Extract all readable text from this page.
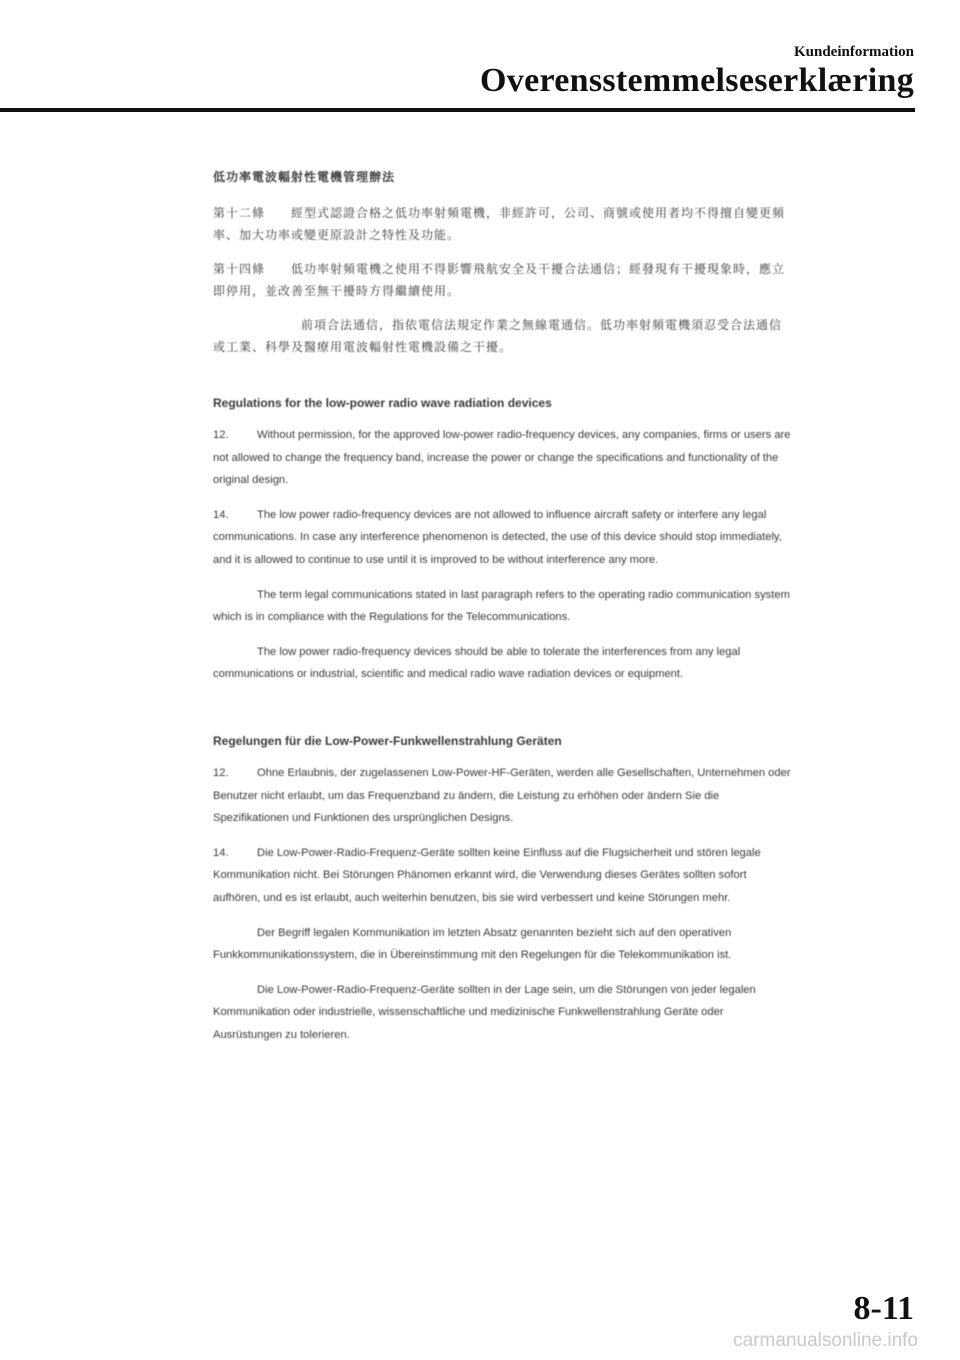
Kundeinformation
Overensstemmelseserklæring
低功率電波輻射性電機管理辦法

第十二條　　經型式認證合格之低功率射頻電機，非經許可，公司、商號或使用者均不得擅自變更頻率、加大功率或變更原設計之特性及功能。

第十四條　　低功率射頻電機之使用不得影響飛航安全及干擾合法通信；經發現有干擾現象時，應立即停用，並改善至無干擾時方得繼續使用。

前項合法通信，指依電信法規定作業之無線電通信。低功率射頻電機須忍受合法通信或工業、科學及醫療用電波輻射性電機設備之干擾。

Regulations for the low-power radio wave radiation devices

12.	Without permission, for the approved low-power radio-frequency devices, any companies, firms or users are not allowed to change the frequency band, increase the power or change the specifications and functionality of the original design.

14.	The low power radio-frequency devices are not allowed to influence aircraft safety or interfere any legal communications. In case any interference phenomenon is detected, the use of this device should stop immediately, and it is allowed to continue to use until it is improved to be without interference any more.

The term legal communications stated in last paragraph refers to the operating radio communication system which is in compliance with the Regulations for the Telecommunications.

The low power radio-frequency devices should be able to tolerate the interferences from any legal communications or industrial, scientific and medical radio wave radiation devices or equipment.

Regelungen für die Low-Power-Funkwellenstrahlung Geräten

12.	Ohne Erlaubnis, der zugelassenen Low-Power-HF-Geräten, werden alle Gesellschaften, Unternehmen oder Benutzer nicht erlaubt, um das Frequenzband zu ändern, die Leistung zu erhöhen oder ändern Sie die Spezifikationen und Funktionen des ursprünglichen Designs.

14.	Die Low-Power-Radio-Frequenz-Geräte sollten keine Einfluss auf die Flugsicherheit und stören legale Kommunikation nicht. Bei Störungen Phänomen erkannt wird, die Verwendung dieses Gerätes sollten sofort aufhören, und es ist erlaubt, auch weiterhin benutzen, bis sie wird verbessert und keine Störungen mehr.

Der Begriff legalen Kommunikation im letzten Absatz genannten bezieht sich auf den operativen Funkkommunikationssystem, die in Übereinstimmung mit den Regelungen für die Telekommunikation ist.

Die Low-Power-Radio-Frequenz-Geräte sollten in der Lage sein, um die Störungen von jeder legalen Kommunikation oder industrielle, wissenschaftliche und medizinische Funkwellenstrahlung Geräte oder Ausrüstungen zu tolerieren.

8-11
carmanualsonline.info
